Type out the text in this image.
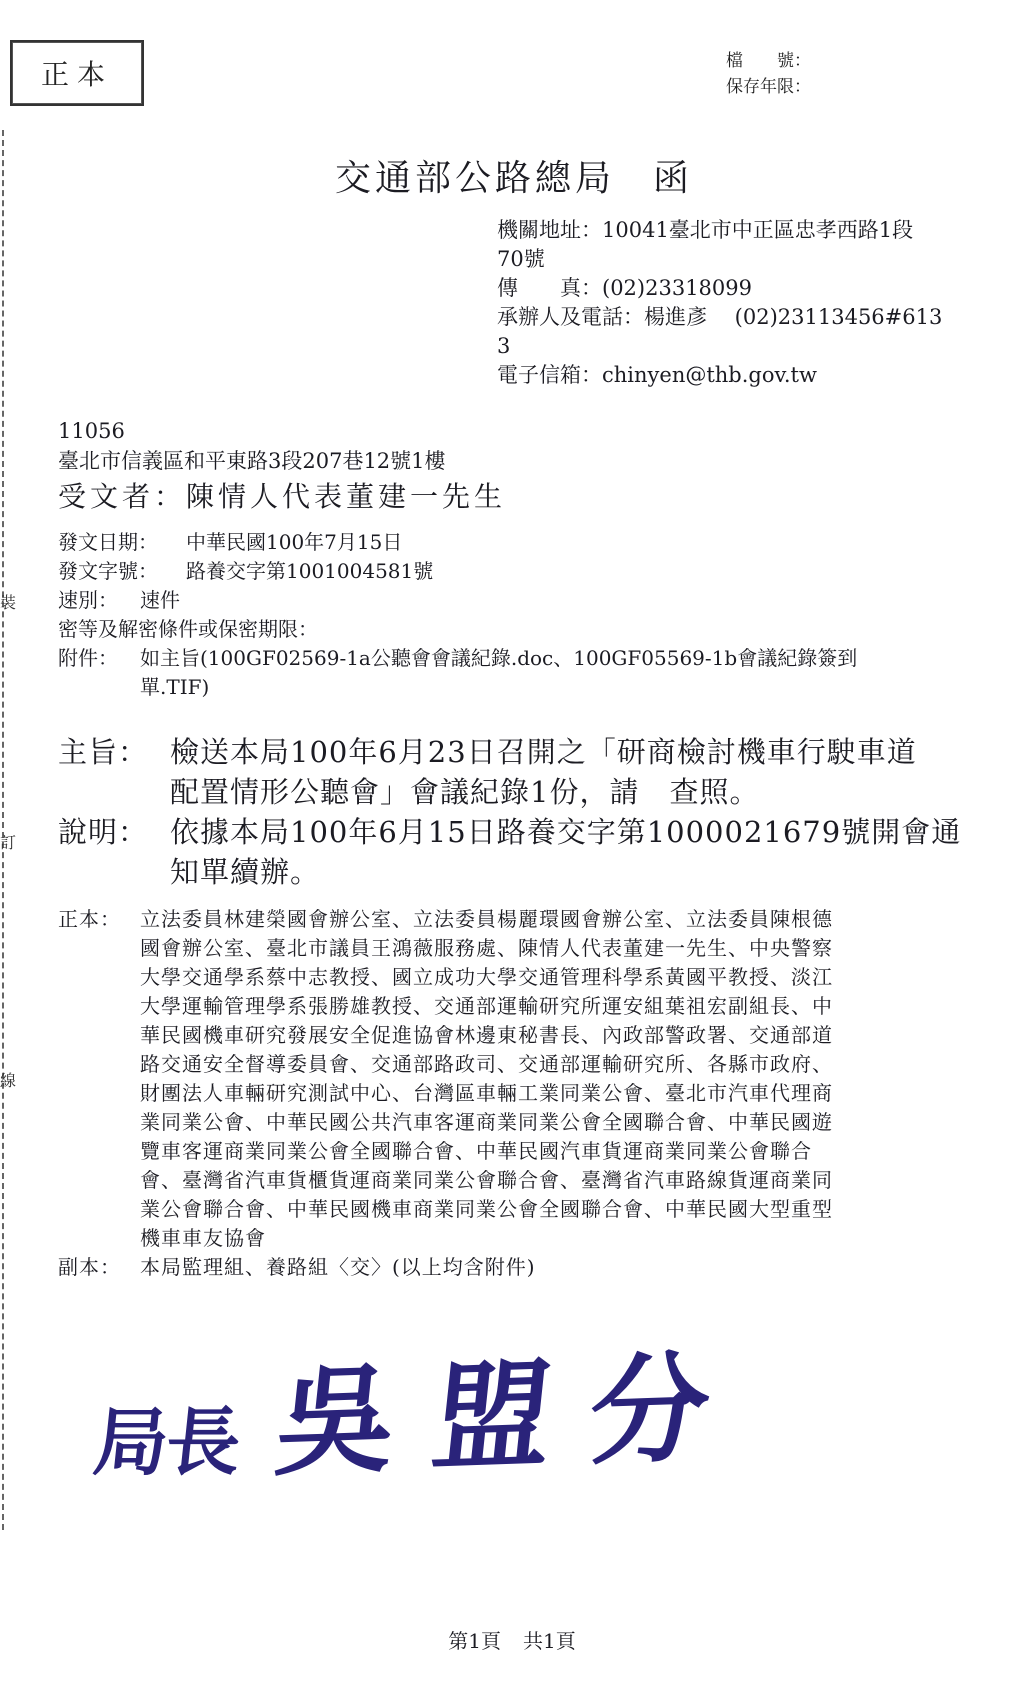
正本	檔　　號：
保存年限：
裝
訂
線
交通部公路總局 函
機關地址： 10041臺北市中正區忠孝西路1段
70號
傳　　真： (02)23318099
承辦人及電話： 楊進彥　 (02)23113456#613
3
電子信箱： chinyen@thb.gov.tw
11056
臺北市信義區和平東路3段207巷12號1樓
受文者：陳情人代表董建一先生
發文日期：	中華民國100年7月15日
發文字號：	路養交字第1001004581號
速別：	速件
密等及解密條件或保密期限：
附件：	如主旨(100GF02569-1a公聽會會議紀錄.doc、100GF05569-1b會議紀錄簽到
單.TIF)
主旨： 檢送本局100年6月23日召開之「研商檢討機車行駛車道
配置情形公聽會」會議紀錄1份，請　查照。
說明： 依據本局100年6月15日路養交字第1000021679號開會通
知單續辦。
正本： 立法委員林建榮國會辦公室、立法委員楊麗環國會辦公室、立法委員陳根德
國會辦公室、臺北市議員王鴻薇服務處、陳情人代表董建一先生、中央警察
大學交通學系蔡中志教授、國立成功大學交通管理科學系黃國平教授、淡江
大學運輸管理學系張勝雄教授、交通部運輸研究所運安組葉祖宏副組長、中
華民國機車研究發展安全促進協會林邊東秘書長、內政部警政署、交通部道
路交通安全督導委員會、交通部路政司、交通部運輸研究所、各縣市政府、
財團法人車輛研究測試中心、台灣區車輛工業同業公會、臺北市汽車代理商
業同業公會、中華民國公共汽車客運商業同業公會全國聯合會、中華民國遊
覽車客運商業同業公會全國聯合會、中華民國汽車貨運商業同業公會聯合
會、臺灣省汽車貨櫃貨運商業同業公會聯合會、臺灣省汽車路線貨運商業同
業公會聯合會、中華民國機車商業同業公會全國聯合會、中華民國大型重型
機車車友協會
副本： 本局監理組、養路組〈交〉(以上均含附件)
局長 吳盟分
第1頁 共1頁
